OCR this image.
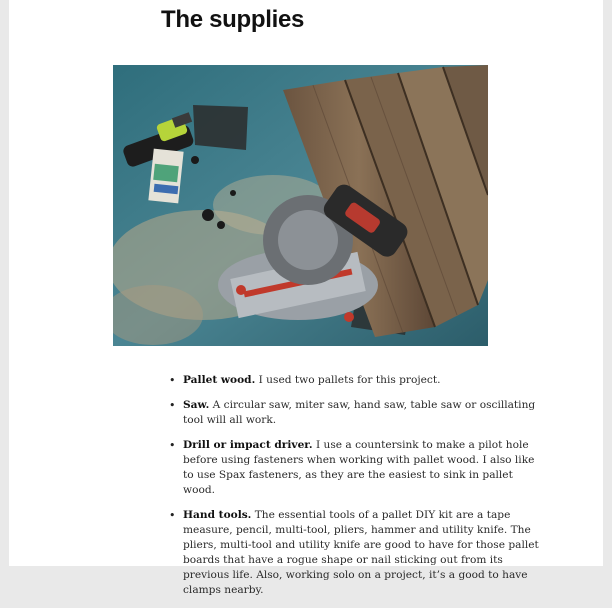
The supplies
• Pallet wood. I used two pallets for this project.
• Saw. A circular saw, miter saw, hand saw, table saw or oscillating tool will all work.
• Drill or impact driver. I use a countersink to make a pilot hole before using fasteners when working with pallet wood. I also like to use Spax fasteners, as they are the easiest to sink in pallet wood.
• Hand tools. The essential tools of a pallet DIY kit are a tape measure, pencil, multi-tool, pliers, hammer and utility knife. The pliers, multi-tool and utility knife are good to have for those pallet boards that have a rogue shape or nail sticking out from its previous life. Also, working solo on a project, it’s a good to have clamps nearby.
